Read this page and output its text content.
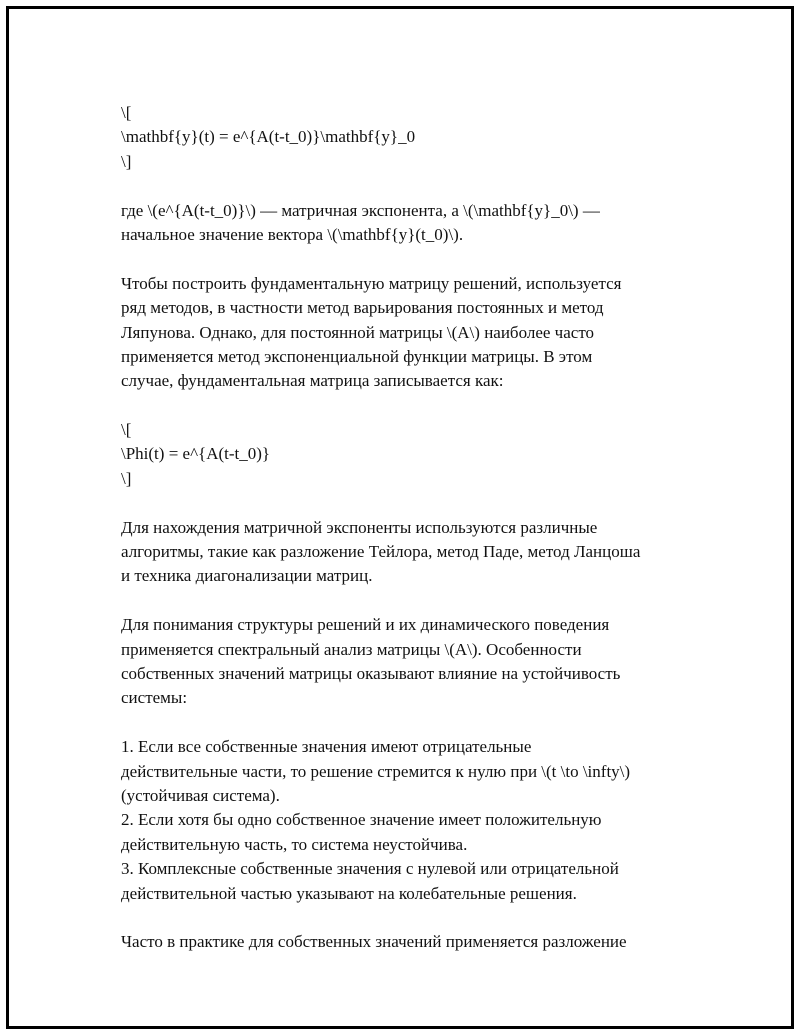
\[
\mathbf{y}(t) = e^{A(t-t_0)}\mathbf{y}_0
\]
где \(e^{A(t-t_0)}\) — матричная экспонента, а \(\mathbf{y}_0\) —
начальное значение вектора \(\mathbf{y}(t_0)\).
Чтобы построить фундаментальную матрицу решений, используется
ряд методов, в частности метод варьирования постоянных и метод
Ляпунова. Однако, для постоянной матрицы \(A\) наиболее часто
применяется метод экспоненциальной функции матрицы. В этом
случае, фундаментальная матрица записывается как:
\[
\Phi(t) = e^{A(t-t_0)}
\]
Для нахождения матричной экспоненты используются различные
алгоритмы, такие как разложение Тейлора, метод Паде, метод Ланцоша
и техника диагонализации матриц.
Для понимания структуры решений и их динамического поведения
применяется спектральный анализ матрицы \(A\). Особенности
собственных значений матрицы оказывают влияние на устойчивость
системы:
1. Если все собственные значения имеют отрицательные
действительные части, то решение стремится к нулю при \(t \to \infty\)
(устойчивая система).
2. Если хотя бы одно собственное значение имеет положительную
действительную часть, то система неустойчива.
3. Комплексные собственные значения с нулевой или отрицательной
действительной частью указывают на колебательные решения.
Часто в практике для собственных значений применяется разложение
